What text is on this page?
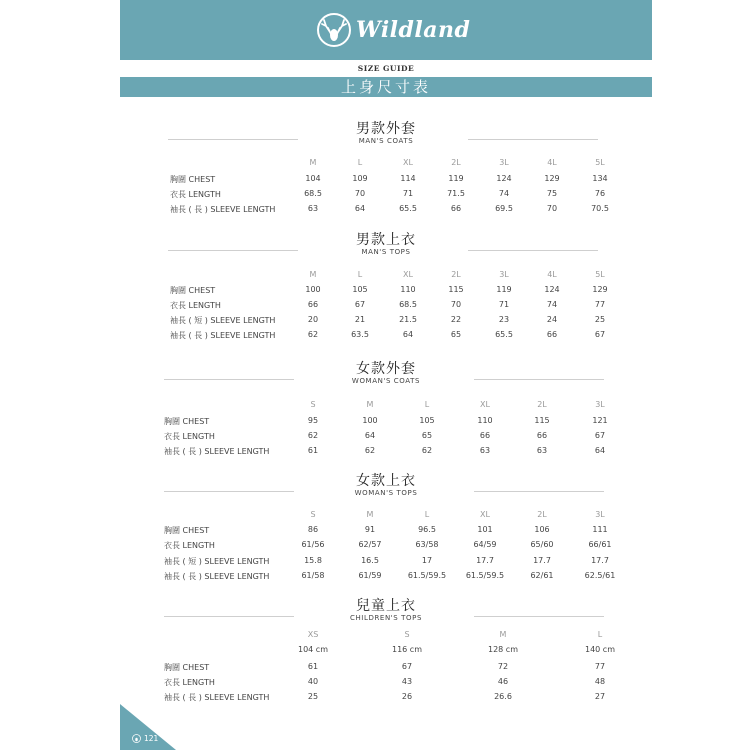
Wildland
SIZE GUIDE
上身尺寸表
男款外套
MAN'S COATS
M	L	XL	2L	3L	4L	5L
胸圍 CHEST	104	109	114	119	124	129	134
衣長 LENGTH	68.5	70	71	71.5	74	75	76
袖長 ( 長 ) SLEEVE LENGTH	63	64	65.5	66	69.5	70	70.5
男款上衣
MAN'S TOPS
M	L	XL	2L	3L	4L	5L
胸圍 CHEST	100	105	110	115	119	124	129
衣長 LENGTH	66	67	68.5	70	71	74	77
袖長 ( 短 ) SLEEVE LENGTH	20	21	21.5	22	23	24	25
袖長 ( 長 ) SLEEVE LENGTH	62	63.5	64	65	65.5	66	67
女款外套
WOMAN'S COATS
S	M	L	XL	2L	3L
胸圍 CHEST	95	100	105	110	115	121
衣長 LENGTH	62	64	65	66	66	67
袖長 ( 長 ) SLEEVE LENGTH	61	62	62	63	63	64
女款上衣
WOMAN'S TOPS
S	M	L	XL	2L	3L
胸圍 CHEST	86	91	96.5	101	106	111
衣長 LENGTH	61/56	62/57	63/58	64/59	65/60	66/61
袖長 ( 短 ) SLEEVE LENGTH	15.8	16.5	17	17.7	17.7	17.7
袖長 ( 長 ) SLEEVE LENGTH	61/58	61/59	61.5/59.5	61.5/59.5	62/61	62.5/61
兒童上衣
CHILDREN'S TOPS
XS	S	M	L
104 cm	116 cm	128 cm	140 cm
胸圍 CHEST	61	67	72	77
衣長 LENGTH	40	43	46	48
袖長 ( 長 ) SLEEVE LENGTH	25	26	26.6	27
121
